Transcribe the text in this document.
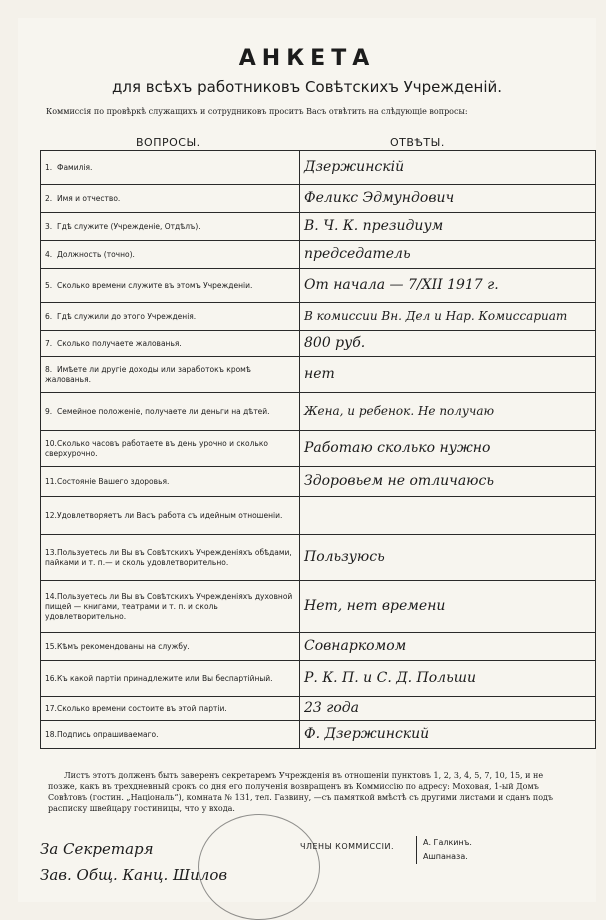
АНКЕТА
для всѣхъ работниковъ Совѣтскихъ Учрежденій.
Коммиссія по провѣркѣ служащихъ и сотрудниковъ проситъ Васъ отвѣтить на слѣдующіе вопросы:
ВОПРОСЫ.	ОТВѢТЫ.
1. Фамилія.	Дзержинскiй
2. Имя и отчество.	Феликс Эдмундович
3. Гдѣ служите (Учрежденіе, Отдѣлъ).	В. Ч. К. президиум
4. Должность (точно).	председатель
5. Сколько времени служите въ этомъ Учрежденіи.	От начала — 7/XII 1917 г.
6. Гдѣ служили до этого Учрежденія.	В комиссии Вн. Дел и Нар. Комиссариат
7. Сколько получаете жалованья.	800 руб.
8. Имѣете ли другіе доходы или заработокъ кромѣ жалованья.	нет
9. Семейное положеніе, получаете ли деньги на дѣтей.	Жена, и ребенок. Не получаю
10.Сколько часовъ работаете въ день урочно и сколько сверхурочно.	Работаю сколько нужно
11.Состояніе Вашего здоровья.	Здоровьем не отличаюсь
12.Удовлетворяетъ ли Васъ работа съ идейным отношеніи.	
13.Пользуетесь ли Вы въ Совѣтскихъ Учрежденіяхъ обѣдами, пайками и т. п.— и сколь удовлетворительно.	Пользуюсь
14.Пользуетесь ли Вы въ Совѣтскихъ Учрежденіяхъ духовной пищей — книгами, театрами и т. п. и сколь удовлетворительно.	Нет, нет времени
15.Кѣмъ рекомендованы на службу.	Совнаркомом
16.Къ какой партіи принадлежите или Вы беспартійный.	Р. К. П. и С. Д. Польши
17.Сколько времени состоите въ этой партіи.	23 года
18.Подпись опрашиваемаго.	Ф. Дзержинский
Листъ этотъ долженъ быть заверенъ секретаремъ Учрежденія въ отношеніи пунктовъ 1, 2, 3, 4, 5, 7, 10, 15, и не позже, какъ въ трехдневный срокъ со дня его полученія возвращенъ въ Коммиссію по адресу: Моховая, 1-ый Домъ Совѣтовъ (гостин. „Національ“), комната № 131, тел. Газвину, —съ памяткой вмѣстѣ съ другими листами и сданъ подъ расписку швейцару гостиницы, что у входа.
За Секретаря
Зав. Общ. Канц. Шилов
ЧЛЕНЫ КОММИССІИ.	А. Галкинъ.
Ашпаназа.
